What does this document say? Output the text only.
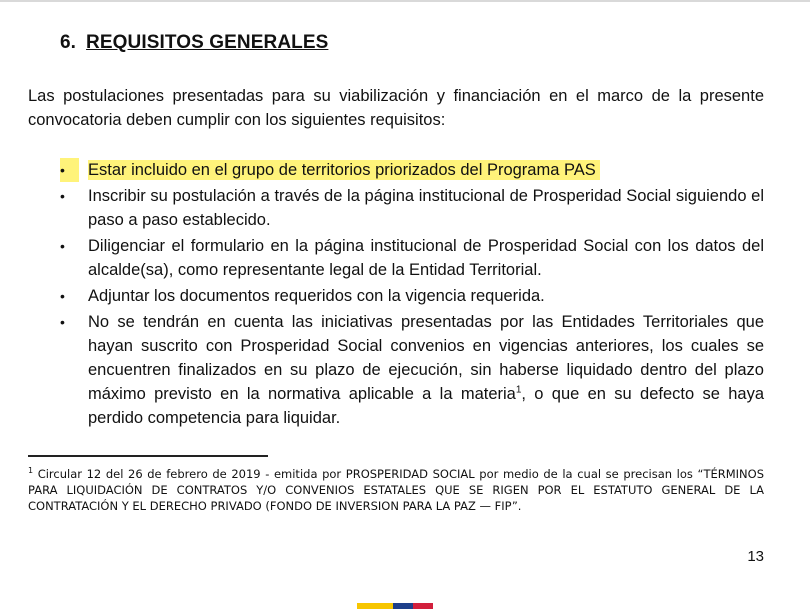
6. REQUISITOS GENERALES

Las postulaciones presentadas para su viabilización y financiación en el marco de la presente convocatoria deben cumplir con los siguientes requisitos:

•	Estar incluido en el grupo de territorios priorizados del Programa PAS
• Inscribir su postulación a través de la página institucional de Prosperidad Social siguiendo el paso a paso establecido.
• Diligenciar el formulario en la página institucional de Prosperidad Social con los datos del alcalde(sa), como representante legal de la Entidad Territorial.
• Adjuntar los documentos requeridos con la vigencia requerida.
• No se tendrán en cuenta las iniciativas presentadas por las Entidades Territoriales que hayan suscrito con Prosperidad Social convenios en vigencias anteriores, los cuales se encuentren finalizados en su plazo de ejecución, sin haberse liquidado dentro del plazo máximo previsto en la normativa aplicable a la materia$^1$, o que en su defecto se haya perdido competencia para liquidar.

$^1$ Circular 12 del 26 de febrero de 2019 - emitida por PROSPERIDAD SOCIAL por medio de la cual se precisan los “TÉRMINOS PARA LIQUIDACIÓN DE CONTRATOS Y/O CONVENIOS ESTATALES QUE SE RIGEN POR EL ESTATUTO GENERAL DE LA CONTRATACIÓN Y EL DERECHO PRIVADO (FONDO DE INVERSION PARA LA PAZ — FIP”.

13
